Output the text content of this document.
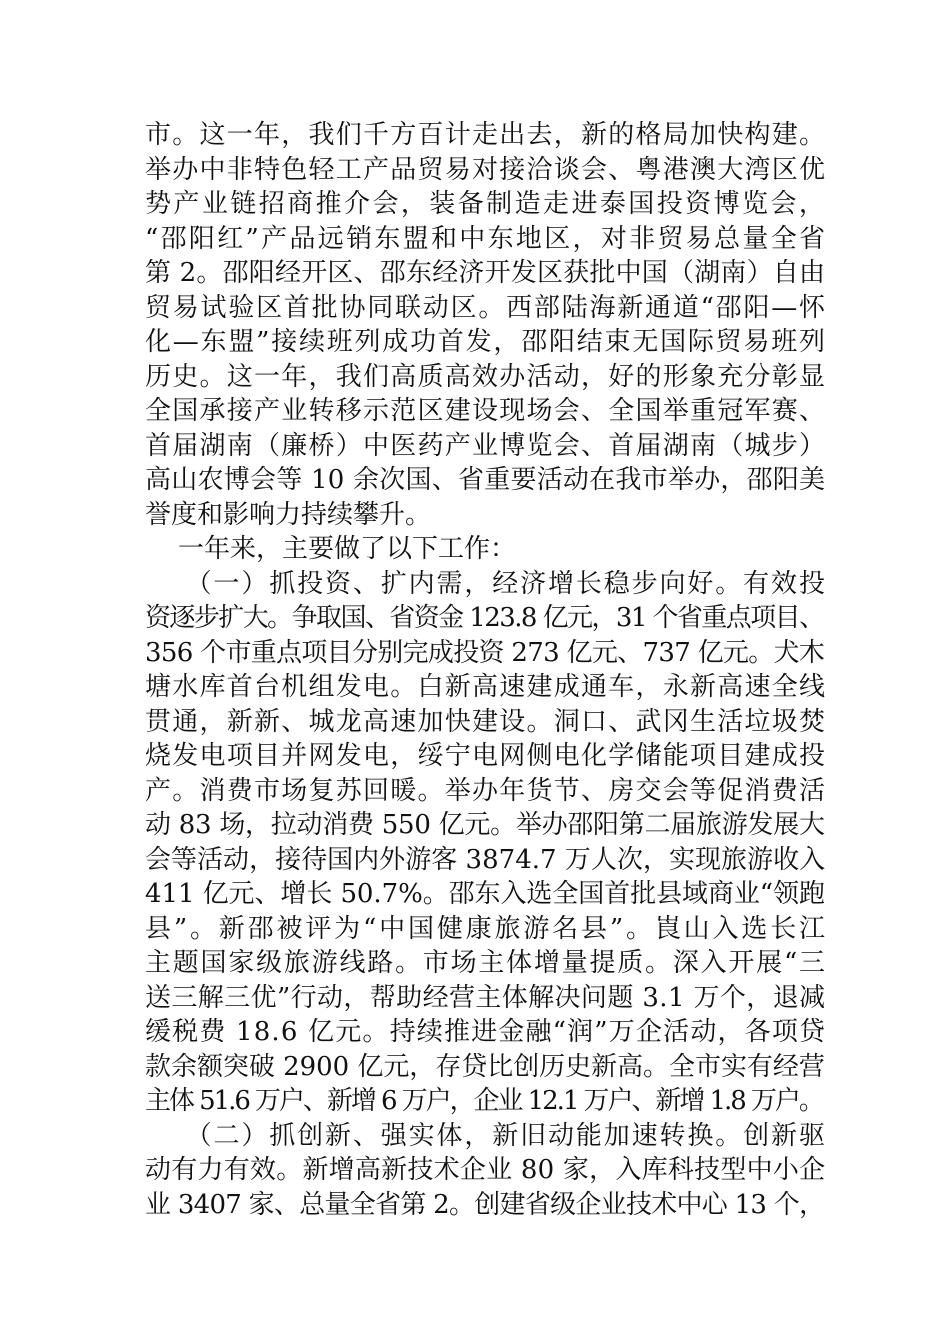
市。这一年，我们千方百计走出去，新的格局加快构建。
举办中非特色轻工产品贸易对接洽谈会、粤港澳大湾区优
势产业链招商推介会，装备制造走进泰国投资博览会，
“邵阳红”产品远销东盟和中东地区，对非贸易总量全省
第 2。邵阳经开区、邵东经济开发区获批中国（湖南）自由
贸易试验区首批协同联动区。西部陆海新通道“邵阳—怀
化—东盟”接续班列成功首发，邵阳结束无国际贸易班列
历史。这一年，我们高质高效办活动，好的形象充分彰显
全国承接产业转移示范区建设现场会、全国举重冠军赛、
首届湖南（廉桥）中医药产业博览会、首届湖南（城步）
高山农博会等 10 余次国、省重要活动在我市举办，邵阳美
誉度和影响力持续攀升。
一年来，主要做了以下工作：
（一）抓投资、扩内需，经济增长稳步向好。有效投
资逐步扩大。争取国、省资金 123.8 亿元，31 个省重点项目、
356 个市重点项目分别完成投资 273 亿元、737 亿元。犬木
塘水库首台机组发电。白新高速建成通车，永新高速全线
贯通，新新、城龙高速加快建设。洞口、武冈生活垃圾焚
烧发电项目并网发电，绥宁电网侧电化学储能项目建成投
产。消费市场复苏回暖。举办年货节、房交会等促消费活
动 83 场，拉动消费 550 亿元。举办邵阳第二届旅游发展大
会等活动，接待国内外游客 3874.7 万人次，实现旅游收入
411 亿元、增长 50.7%。邵东入选全国首批县域商业“领跑
县”。新邵被评为“中国健康旅游名县”。崀山入选长江
主题国家级旅游线路。市场主体增量提质。深入开展“三
送三解三优”行动，帮助经营主体解决问题 3.1 万个，退减
缓税费 18.6 亿元。持续推进金融“润”万企活动，各项贷
款余额突破 2900 亿元，存贷比创历史新高。全市实有经营
主体 51.6 万户、新增 6 万户，企业 12.1 万户、新增 1.8 万户。
（二）抓创新、强实体，新旧动能加速转换。创新驱
动有力有效。新增高新技术企业 80 家，入库科技型中小企
业 3407 家、总量全省第 2。创建省级企业技术中心 13 个，
